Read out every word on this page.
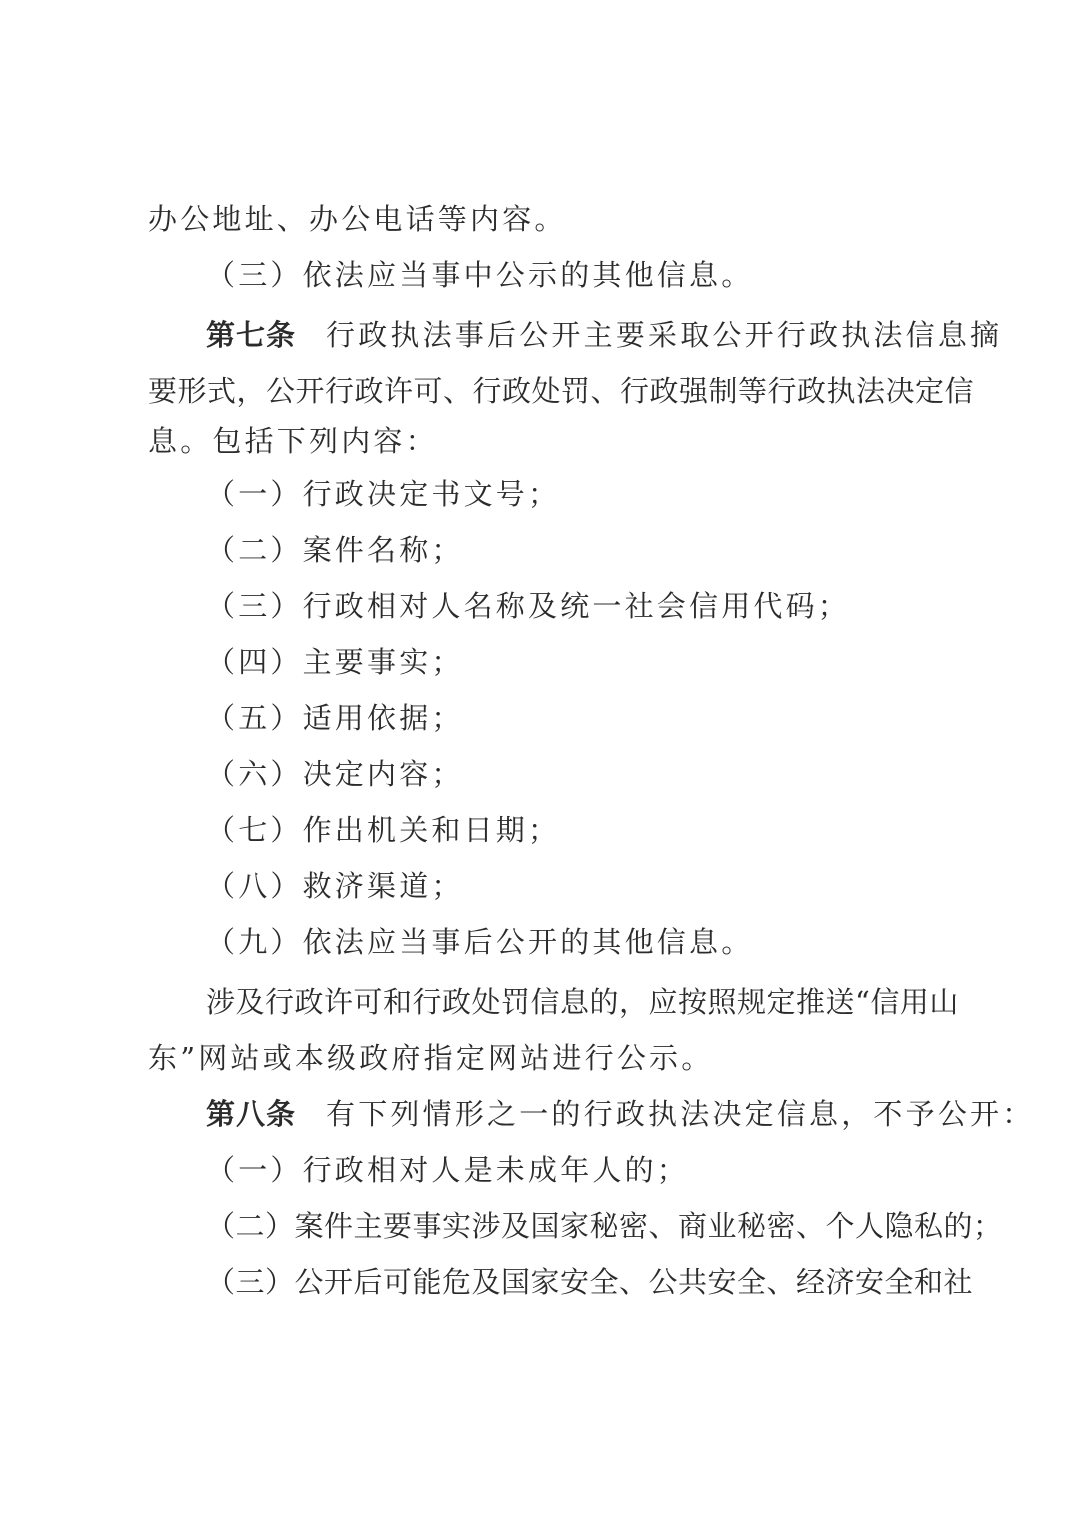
办公地址、办公电话等内容。
（三）依法应当事中公示的其他信息。
第七条 行政执法事后公开主要采取公开行政执法信息摘
要形式，公开行政许可、行政处罚、行政强制等行政执法决定信
息。包括下列内容：
（一）行政决定书文号；
（二）案件名称；
（三）行政相对人名称及统一社会信用代码；
（四）主要事实；
（五）适用依据；
（六）决定内容；
（七）作出机关和日期；
（八）救济渠道；
（九）依法应当事后公开的其他信息。
涉及行政许可和行政处罚信息的，应按照规定推送“信用山
东”网站或本级政府指定网站进行公示。
第八条 有下列情形之一的行政执法决定信息，不予公开：
（一）行政相对人是未成年人的；
（二）案件主要事实涉及国家秘密、商业秘密、个人隐私的；
（三）公开后可能危及国家安全、公共安全、经济安全和社
